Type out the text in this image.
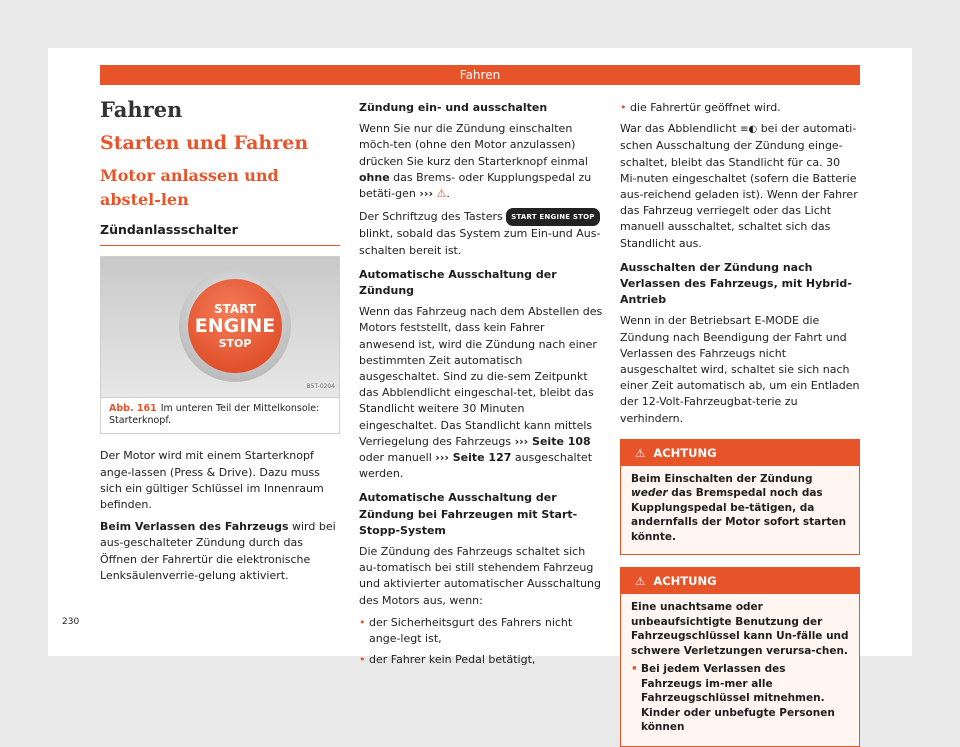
Fahren
Fahren
Starten und Fahren
Motor anlassen und abstel-len
Zündanlassschalter
START
ENGINE
STOP
B5T-0204
Abb. 161 Im unteren Teil der Mittelkonsole: Starterknopf.

Der Motor wird mit einem Starterknopf ange-lassen (Press & Drive). Dazu muss sich ein gültiger Schlüssel im Innenraum befinden.

Beim Verlassen des Fahrzeugs wird bei aus-geschalteter Zündung durch das Öffnen der Fahrertür die elektronische Lenksäulenverrie-gelung aktiviert.

Zündung ein- und ausschalten

Wenn Sie nur die Zündung einschalten möch-ten (ohne den Motor anzulassen) drücken Sie kurz den Starterknopf einmal ohne das Brems- oder Kupplungspedal zu betäti-gen ››› ⚠.

Der Schriftzug des Tasters START ENGINE STOP blinkt, sobald das System zum Ein-und Aus-schalten bereit ist.

Automatische Ausschaltung der Zündung

Wenn das Fahrzeug nach dem Abstellen des Motors feststellt, dass kein Fahrer anwesend ist, wird die Zündung nach einer bestimmten Zeit automatisch ausgeschaltet. Sind zu die-sem Zeitpunkt das Abblendlicht eingeschal-tet, bleibt das Standlicht weitere 30 Minuten eingeschaltet. Das Standlicht kann mittels Verriegelung des Fahrzeugs ››› Seite 108 oder manuell ››› Seite 127 ausgeschaltet werden.

Automatische Ausschaltung der Zündung bei Fahrzeugen mit Start-Stopp-System

Die Zündung des Fahrzeugs schaltet sich au-tomatisch bei still stehendem Fahrzeug und aktivierter automatischer Ausschaltung des Motors aus, wenn:

• der Sicherheitsgurt des Fahrers nicht ange-legt ist,
• der Fahrer kein Pedal betätigt,
• die Fahrertür geöffnet wird.

War das Abblendlicht ≡◐ bei der automati-schen Ausschaltung der Zündung einge-schaltet, bleibt das Standlicht für ca. 30 Mi-nuten eingeschaltet (sofern die Batterie aus-reichend geladen ist). Wenn der Fahrer das Fahrzeug verriegelt oder das Licht manuell ausschaltet, schaltet sich das Standlicht aus.

Ausschalten der Zündung nach Verlassen des Fahrzeugs, mit Hybrid-Antrieb

Wenn in der Betriebsart E-MODE die Zündung nach Beendigung der Fahrt und Verlassen des Fahrzeugs nicht ausgeschaltet wird, schaltet sie sich nach einer Zeit automatisch ab, um ein Entladen der 12-Volt-Fahrzeugbat-terie zu verhindern.

⚠ ACHTUNG

Beim Einschalten der Zündung weder das Bremspedal noch das Kupplungspedal be-tätigen, da andernfalls der Motor sofort starten könnte.

⚠ ACHTUNG

Eine unachtsame oder unbeaufsichtigte Benutzung der Fahrzeugschlüssel kann Un-fälle und schwere Verletzungen verursa-chen.

• Bei jedem Verlassen des Fahrzeugs im-mer alle Fahrzeugschlüssel mitnehmen. Kinder oder unbefugte Personen können
230
